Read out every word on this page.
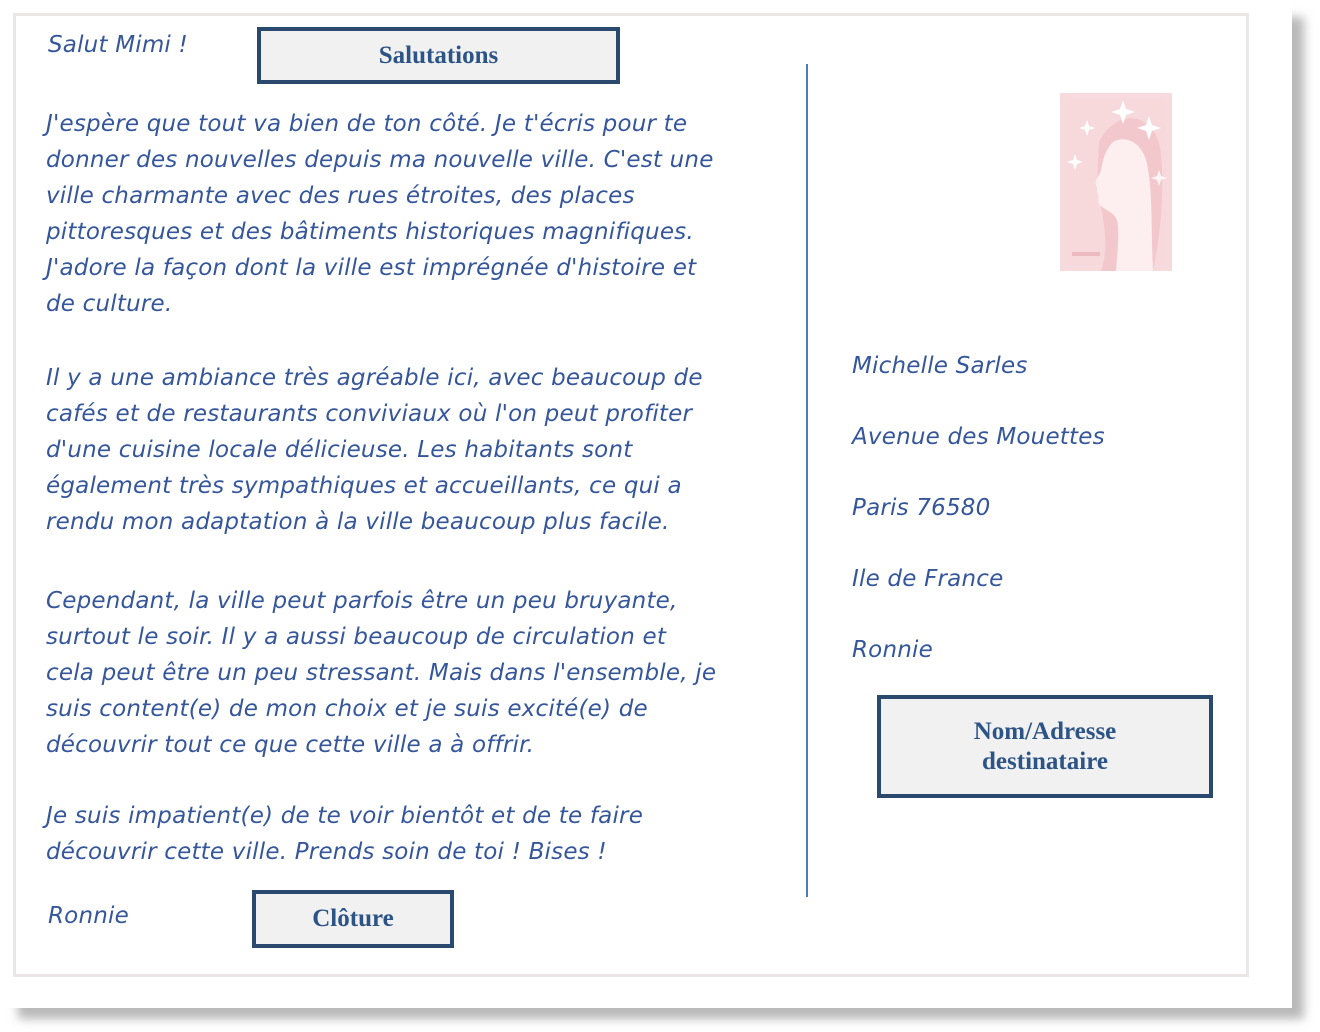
Salut Mimi !	Salutations
J'espère que tout va bien de ton côté. Je t'écris pour te
donner des nouvelles depuis ma nouvelle ville. C'est une
ville charmante avec des rues étroites, des places
pittoresques et des bâtiments historiques magnifiques.
J'adore la façon dont la ville est imprégnée d'histoire et
de culture.
Il y a une ambiance très agréable ici, avec beaucoup de
cafés et de restaurants conviviaux où l'on peut profiter
d'une cuisine locale délicieuse. Les habitants sont
également très sympathiques et accueillants, ce qui a
rendu mon adaptation à la ville beaucoup plus facile.
Cependant, la ville peut parfois être un peu bruyante,
surtout le soir. Il y a aussi beaucoup de circulation et
cela peut être un peu stressant. Mais dans l'ensemble, je
suis content(e) de mon choix et je suis excité(e) de
découvrir tout ce que cette ville a à offrir.
Je suis impatient(e) de te voir bientôt et de te faire
découvrir cette ville. Prends soin de toi ! Bises !
Ronnie	Clôture
Michelle Sarles
Avenue des Mouettes
Paris 76580
Ile de France
Ronnie
Nom/Adresse destinataire
